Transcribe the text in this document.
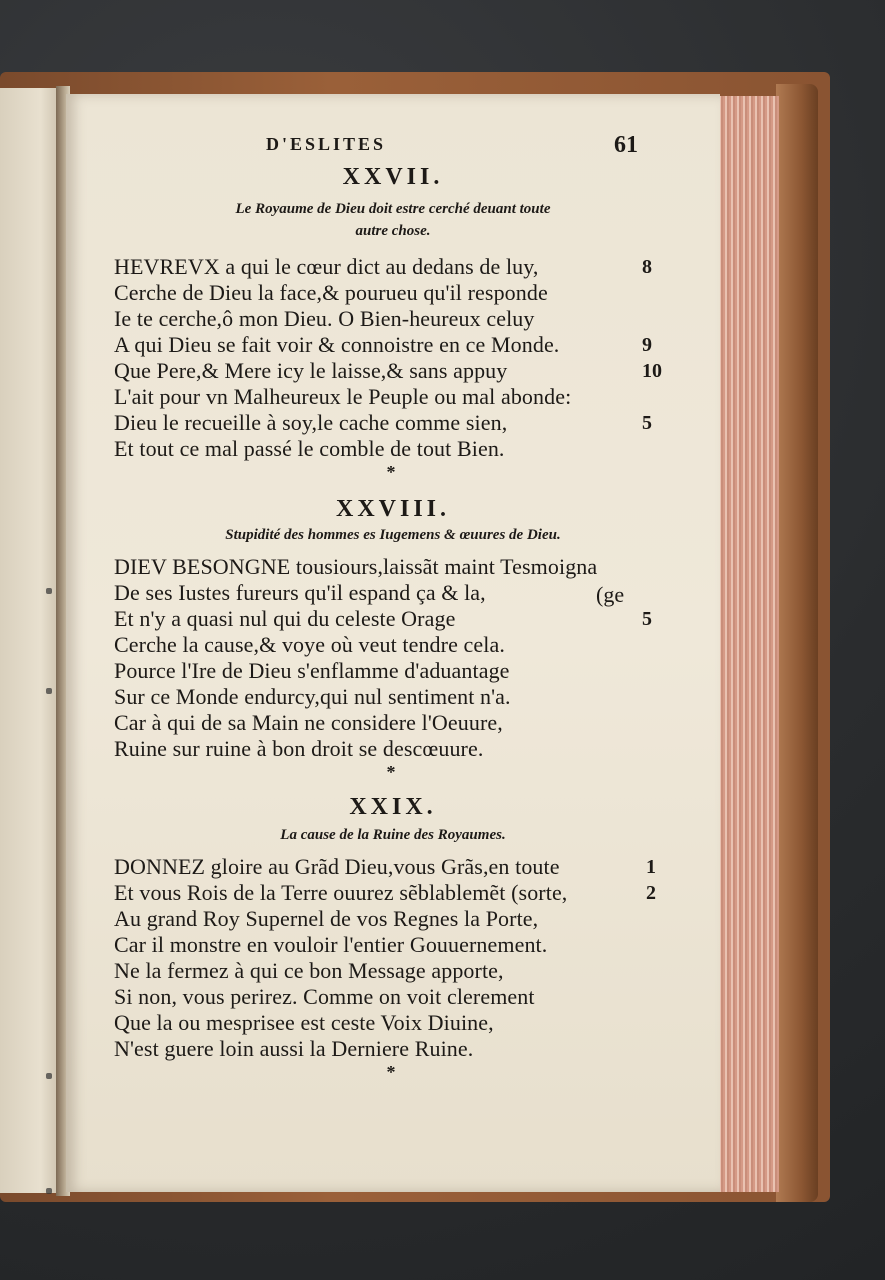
D'ESLITES	61
XXVII.
Le Royaume de Dieu doit estre cerché deuant toute
autre chose.
HEVREVX a qui le cœur dict au dedans de luy,
Cerche de Dieu la face,& pourueu qu'il responde
Ie te cerche,ô mon Dieu. O Bien-heureux celuy
A qui Dieu se fait voir & connoistre en ce Monde.
Que Pere,& Mere icy le laisse,& sans appuy
L'ait pour vn Malheureux le Peuple ou mal abonde:
Dieu le recueille à soy,le cache comme sien,
Et tout ce mal passé le comble de tout Bien.
8
9
10
5
*
XXVIII.
Stupidité des hommes es Iugemens & œuures de Dieu.
DIEV BESONGNE tousiours,laissãt maint Tesmoigna
De ses Iustes fureurs qu'il espand ça & la,
Et n'y a quasi nul qui du celeste Orage
Cerche la cause,& voye où veut tendre cela.
Pource l'Ire de Dieu s'enflamme d'aduantage
Sur ce Monde endurcy,qui nul sentiment n'a.
Car à qui de sa Main ne considere l'Oeuure,
Ruine sur ruine à bon droit se descœuure.
(ge
5
*
XXIX.
La cause de la Ruine des Royaumes.
DONNEZ gloire au Grãd Dieu,vous Grãs,en toute
Et vous Rois de la Terre ouurez sẽblablemẽt (sorte,
Au grand Roy Supernel de vos Regnes la Porte,
Car il monstre en vouloir l'entier Gouuernement.
Ne la fermez à qui ce bon Message apporte,
Si non, vous perirez. Comme on voit clerement
Que la ou mesprisee est ceste Voix Diuine,
N'est guere loin aussi la Derniere Ruine.
1
2
*
